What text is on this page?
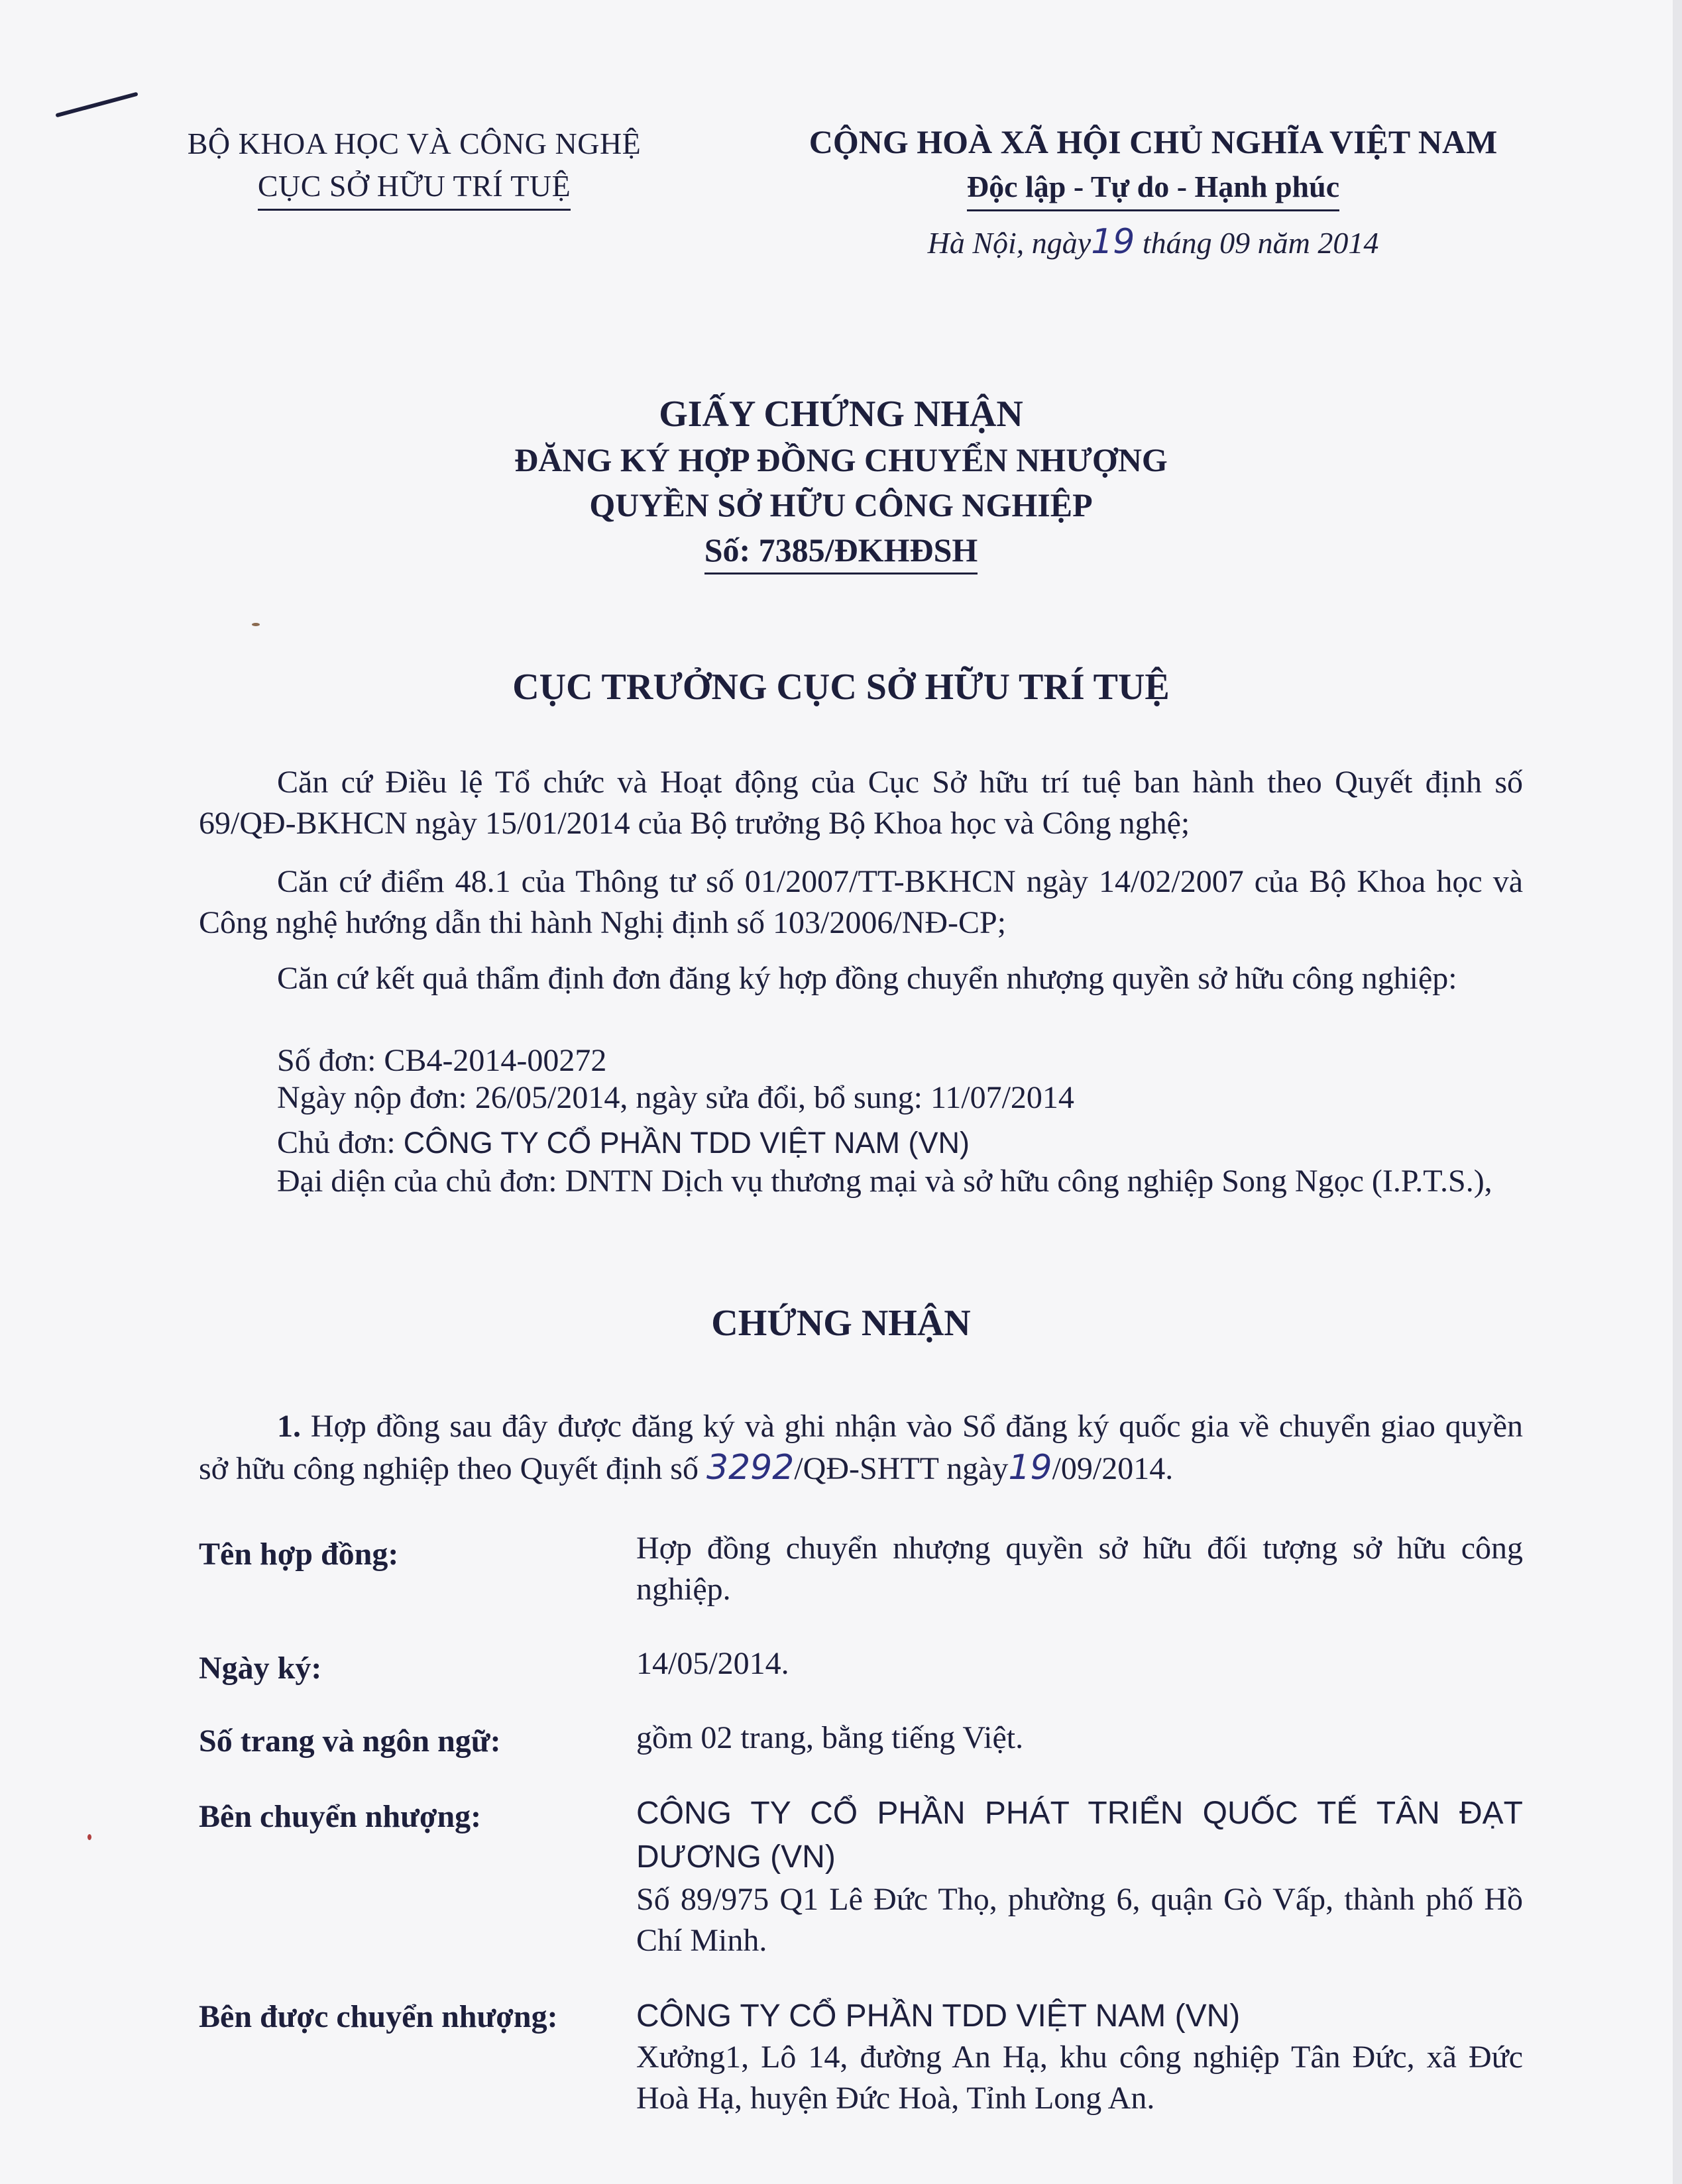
BỘ KHOA HỌC VÀ CÔNG NGHỆ
CỤC SỞ HỮU TRÍ TUỆ
CỘNG HOÀ XÃ HỘI CHỦ NGHĨA VIỆT NAM
Độc lập - Tự do - Hạnh phúc
Hà Nội, ngày19 tháng 09 năm 2014
GIẤY CHỨNG NHẬN
ĐĂNG KÝ HỢP ĐỒNG CHUYỂN NHƯỢNG
QUYỀN SỞ HỮU CÔNG NGHIỆP
Số: 7385/ĐKHĐSH
CỤC TRƯỞNG CỤC SỞ HỮU TRÍ TUỆ
Căn cứ Điều lệ Tổ chức và Hoạt động của Cục Sở hữu trí tuệ ban hành theo Quyết định số 69/QĐ-BKHCN ngày 15/01/2014 của Bộ trưởng Bộ Khoa học và Công nghệ;
Căn cứ điểm 48.1 của Thông tư số 01/2007/TT-BKHCN ngày 14/02/2007 của Bộ Khoa học và Công nghệ hướng dẫn thi hành Nghị định số 103/2006/NĐ-CP;
Căn cứ kết quả thẩm định đơn đăng ký hợp đồng chuyển nhượng quyền sở hữu công nghiệp:
Số đơn: CB4-2014-00272
Ngày nộp đơn: 26/05/2014, ngày sửa đổi, bổ sung: 11/07/2014
Chủ đơn: CÔNG TY CỔ PHẦN TDD VIỆT NAM (VN)
Đại diện của chủ đơn: DNTN Dịch vụ thương mại và sở hữu công nghiệp Song Ngọc (I.P.T.S.),
CHỨNG NHẬN
1. Hợp đồng sau đây được đăng ký và ghi nhận vào Sổ đăng ký quốc gia về chuyển giao quyền sở hữu công nghiệp theo Quyết định số 3292/QĐ-SHTT ngày19/09/2014.
Tên hợp đồng:	Hợp đồng chuyển nhượng quyền sở hữu đối tượng sở hữu công nghiệp.
Ngày ký:	14/05/2014.
Số trang và ngôn ngữ:	gồm 02 trang, bằng tiếng Việt.
Bên chuyển nhượng:	CÔNG TY CỔ PHẦN PHÁT TRIỂN QUỐC TẾ TÂN ĐẠT DƯƠNG (VN)
Số 89/975 Q1 Lê Đức Thọ, phường 6, quận Gò Vấp, thành phố Hồ Chí Minh.
Bên được chuyển nhượng: CÔNG TY CỔ PHẦN TDD VIỆT NAM (VN)
Xưởng1, Lô 14, đường An Hạ, khu công nghiệp Tân Đức, xã Đức Hoà Hạ, huyện Đức Hoà, Tỉnh Long An.
